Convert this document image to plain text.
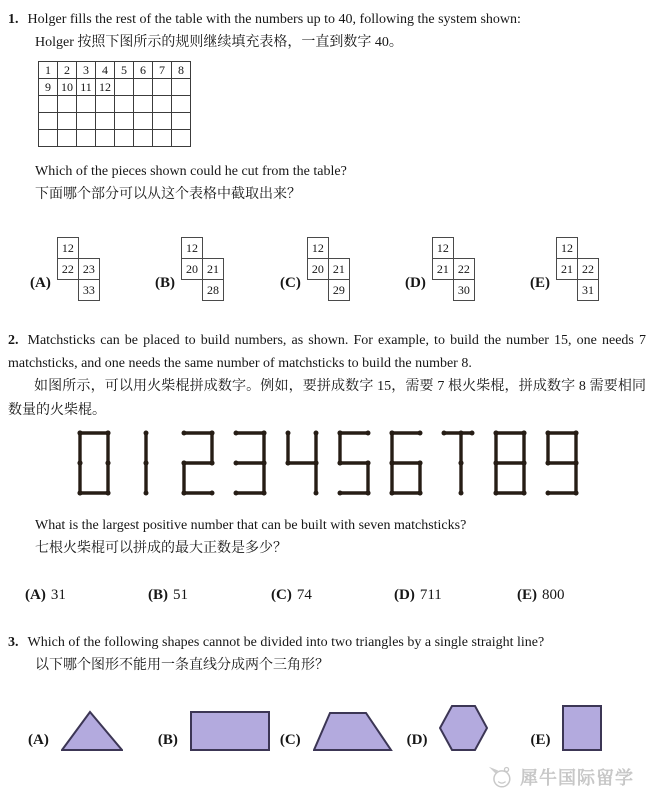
1. Holger fills the rest of the table with the numbers up to 40, following the system shown:
Holger 按照下图所示的规则继续填充表格，一直到数字 40。
1	2	3	4	5	6	7	8
9	10	11	12				

Which of the pieces shown could he cut from the table?
下面哪个部分可以从这个表格中截取出来？
(A)
12
22 23
33	(B)
12
20 21
28	(C)
12
20 21
29	(D)
12
21 22
30	(E)
12
21 22
31

2. Matchsticks can be placed to build numbers, as shown. For example, to build the number 15, one needs 7 matchsticks, and one needs the same number of matchsticks to build the number 8.

如图所示，可以用火柴棍拼成数字。例如，要拼成数字 15，需要 7 根火柴棍，拼成数字 8 需要相同数量的火柴棍。

What is the largest positive number that can be built with seven matchsticks?
七根火柴棍可以拼成的最大正数是多少？
(A) 31	(B) 51	(C) 74	(D) 711	(E) 800
3. Which of the following shapes cannot be divided into two triangles by a single straight line?
以下哪个图形不能用一条直线分成两个三角形？
(A)	(B)	(C)	(D)	(E)
犀牛国际留学
